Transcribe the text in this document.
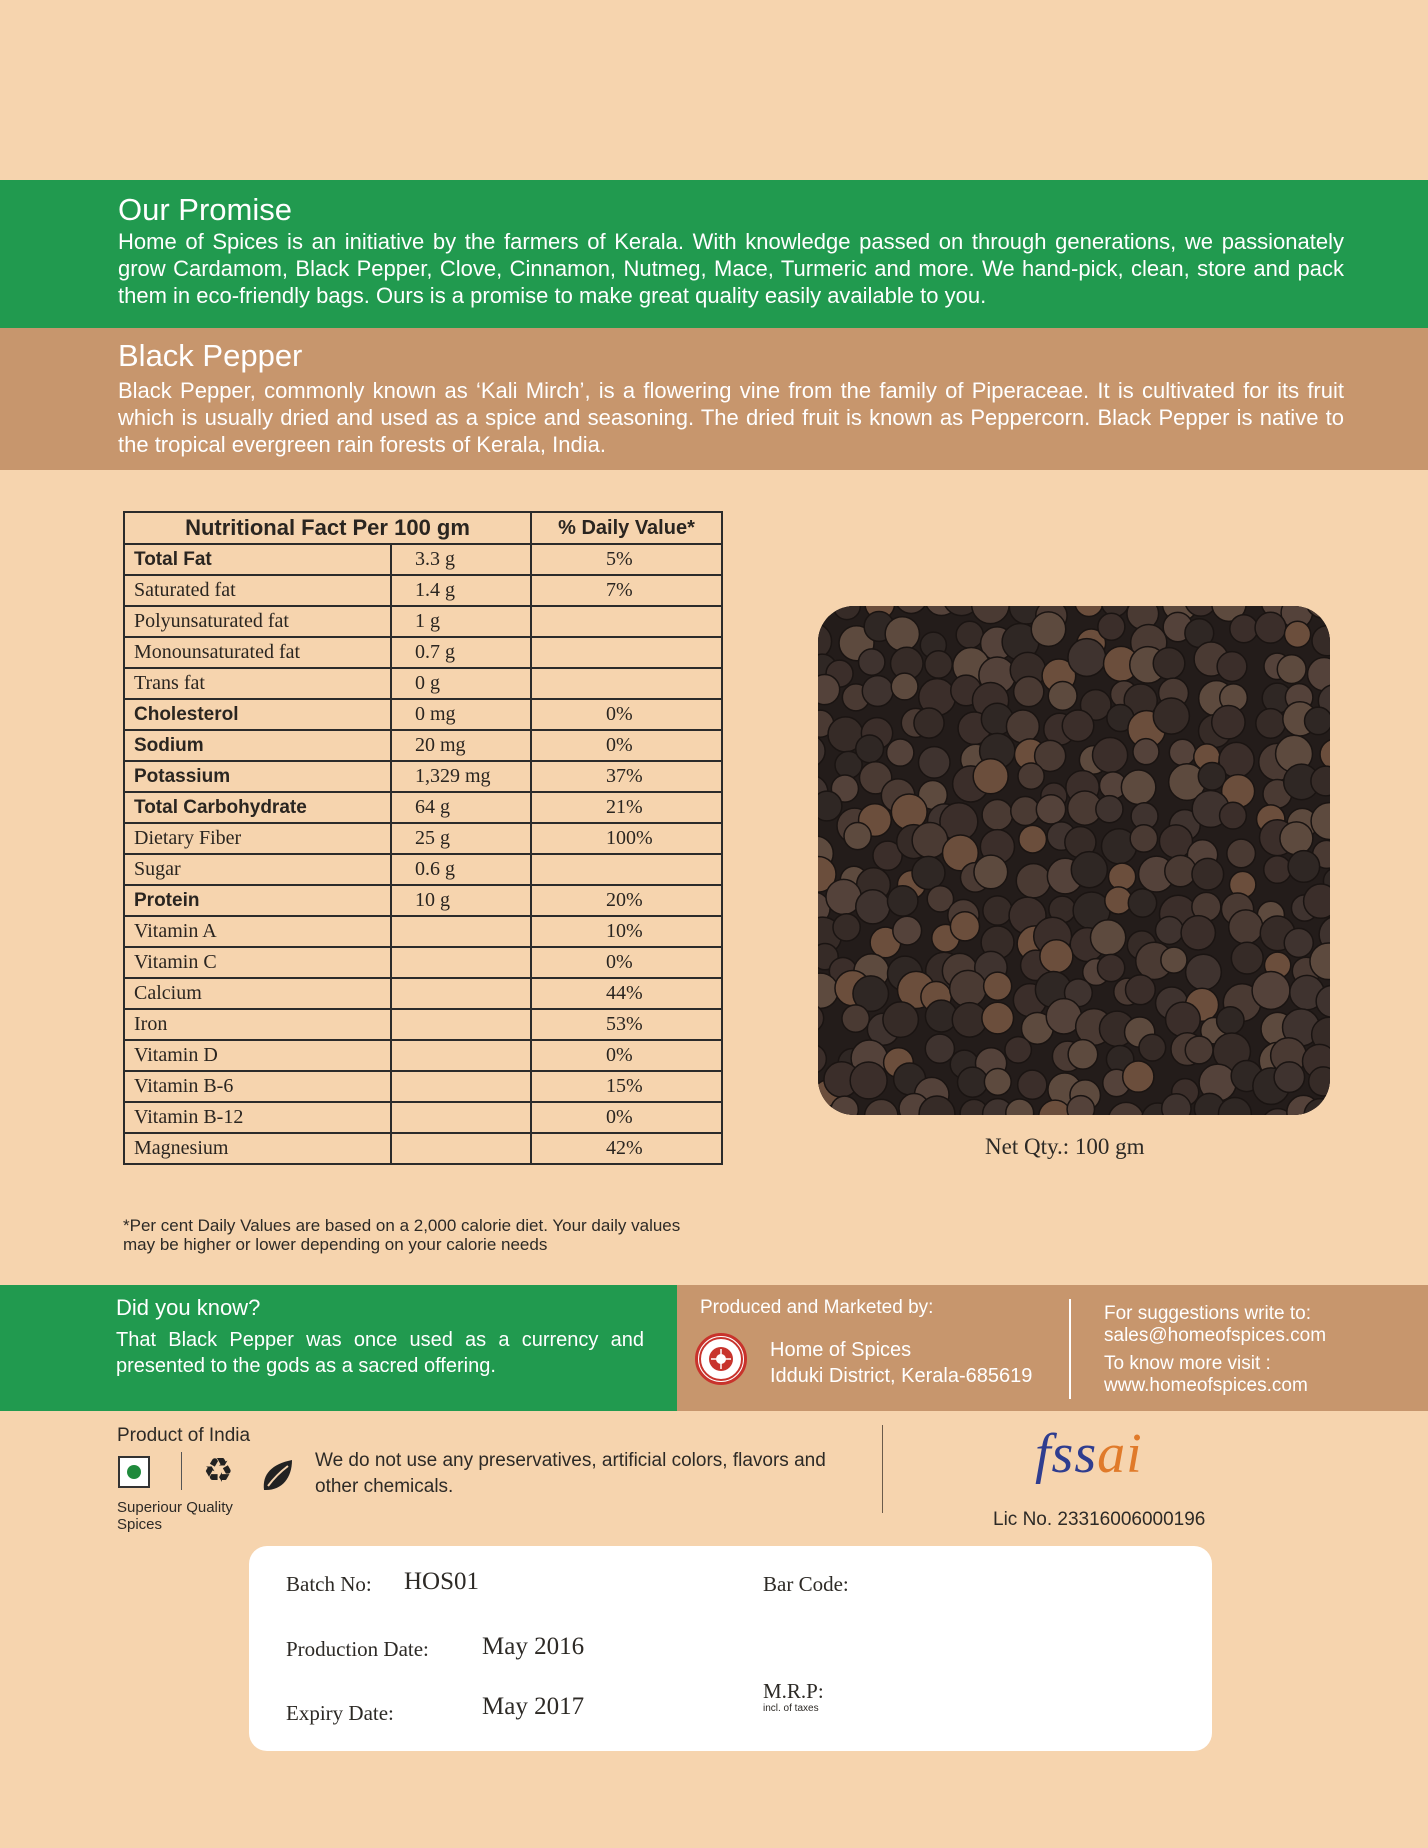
Our Promise

Home of Spices is an initiative by the farmers of Kerala. With knowledge passed on through generations, we passionately grow Cardamom, Black Pepper, Clove, Cinnamon, Nutmeg, Mace, Turmeric and more. We hand-pick, clean, store and pack them in eco-friendly bags. Ours is a promise to make great quality easily available to you.

Black Pepper

Black Pepper, commonly known as ‘Kali Mirch’, is a flowering vine from the family of Piperaceae. It is cultivated for its fruit which is usually dried and used as a spice and seasoning. The dried fruit is known as Peppercorn. Black Pepper is native to the tropical evergreen rain forests of Kerala, India.

Nutritional Fact Per 100 gm		% Daily Value*
Total Fat	3.3 g	5%
Saturated fat	1.4 g	7%
Polyunsaturated fat	1 g	
Monounsaturated fat	0.7 g	
Trans fat	0 g	
Cholesterol	0 mg	0%
Sodium	20 mg	0%
Potassium	1,329 mg	37%
Total Carbohydrate	64 g	21%
Dietary Fiber	25 g	100%
Sugar	0.6 g	
Protein	10 g	20%
Vitamin A		10%
Vitamin C		0%
Calcium		44%
Iron		53%
Vitamin D		0%
Vitamin B-6		15%
Vitamin B-12		0%
Magnesium		42%
*Per cent Daily Values are based on a 2,000 calorie diet. Your daily values may be higher or lower depending on your calorie needs
Net Qty.: 100 gm
Did you know?
That Black Pepper was once used as a currency and presented to the gods as a sacred offering.
Produced and Marketed by:
Home of Spices
Idduki District, Kerala-685619
For suggestions write to:
sales@homeofspices.com
To know more visit :
www.homeofspices.com
Product of India
♻	We do not use any preservatives, artificial colors, flavors and other chemicals.
Superiour Quality
Spices
fssai
Lic No. 23316006000196
Batch No: HOS01
Production Date: May 2016
Expiry Date:	May 2017
Bar Code:
M.R.P:
incl. of taxes
